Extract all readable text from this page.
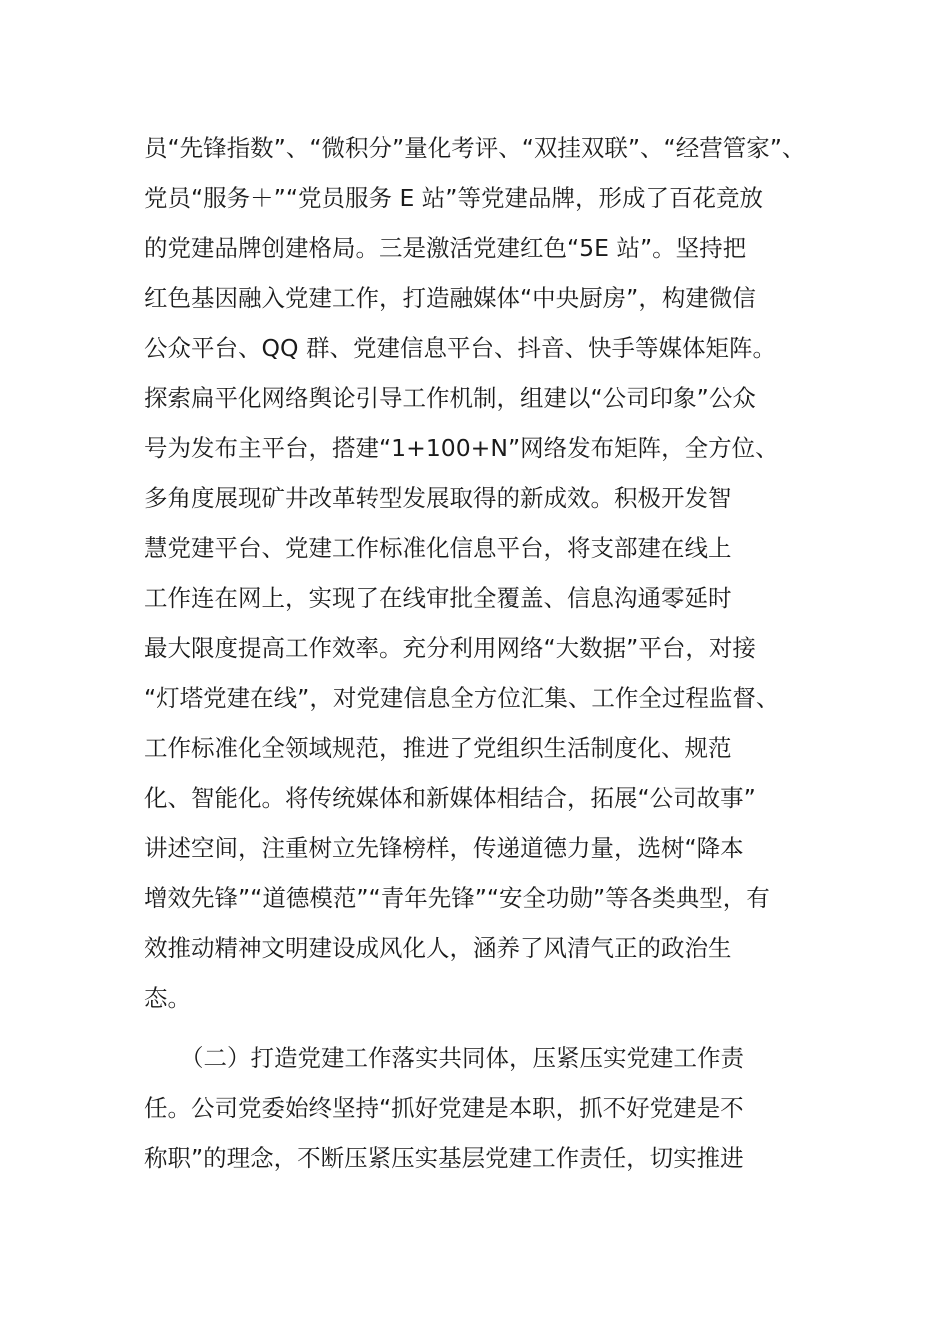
员“先锋指数”、“微积分”量化考评、“双挂双联”、“经营管家”、
党员“服务＋”“党员服务 E 站”等党建品牌，形成了百花竞放
的党建品牌创建格局。三是激活党建红色“5E 站”。坚持把
红色基因融入党建工作，打造融媒体“中央厨房”，构建微信
公众平台、QQ 群、党建信息平台、抖音、快手等媒体矩阵。
探索扁平化网络舆论引导工作机制，组建以“公司印象”公众
号为发布主平台，搭建“1+100+N”网络发布矩阵，全方位、
多角度展现矿井改革转型发展取得的新成效。积极开发智
慧党建平台、党建工作标准化信息平台，将支部建在线上
工作连在网上，实现了在线审批全覆盖、信息沟通零延时
最大限度提高工作效率。充分利用网络“大数据”平台，对接
“灯塔党建在线”，对党建信息全方位汇集、工作全过程监督、
工作标准化全领域规范，推进了党组织生活制度化、规范
化、智能化。将传统媒体和新媒体相结合，拓展“公司故事”
讲述空间，注重树立先锋榜样，传递道德力量，选树“降本
增效先锋”“道德模范”“青年先锋”“安全功勋”等各类典型，有
效推动精神文明建设成风化人，涵养了风清气正的政治生
态。
（二）打造党建工作落实共同体，压紧压实党建工作责
任。公司党委始终坚持“抓好党建是本职，抓不好党建是不
称职”的理念，不断压紧压实基层党建工作责任，切实推进
